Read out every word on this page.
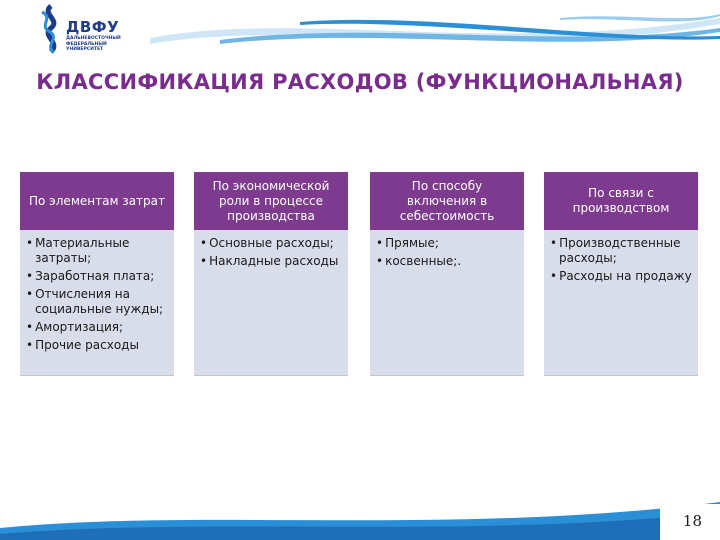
ДВФУ
ДАЛЬНЕВОСТОЧНЫЙ ФЕДЕРАЛЬНЫЙ УНИВЕРСИТЕТ
КЛАССИФИКАЦИЯ РАСХОДОВ (ФУНКЦИОНАЛЬНАЯ)
По элементам затрат
• Материальные затраты;
• Заработная плата;
• Отчисления на социальные нужды;
• Амортизация;
• Прочие расходы
По экономической роли в процессе производства
• Основные расходы;
• Накладные расходы
По способу включения в себестоимость
• Прямые;
• косвенные;.
По связи с производством
• Производственные расходы;
• Расходы на продажу
18
